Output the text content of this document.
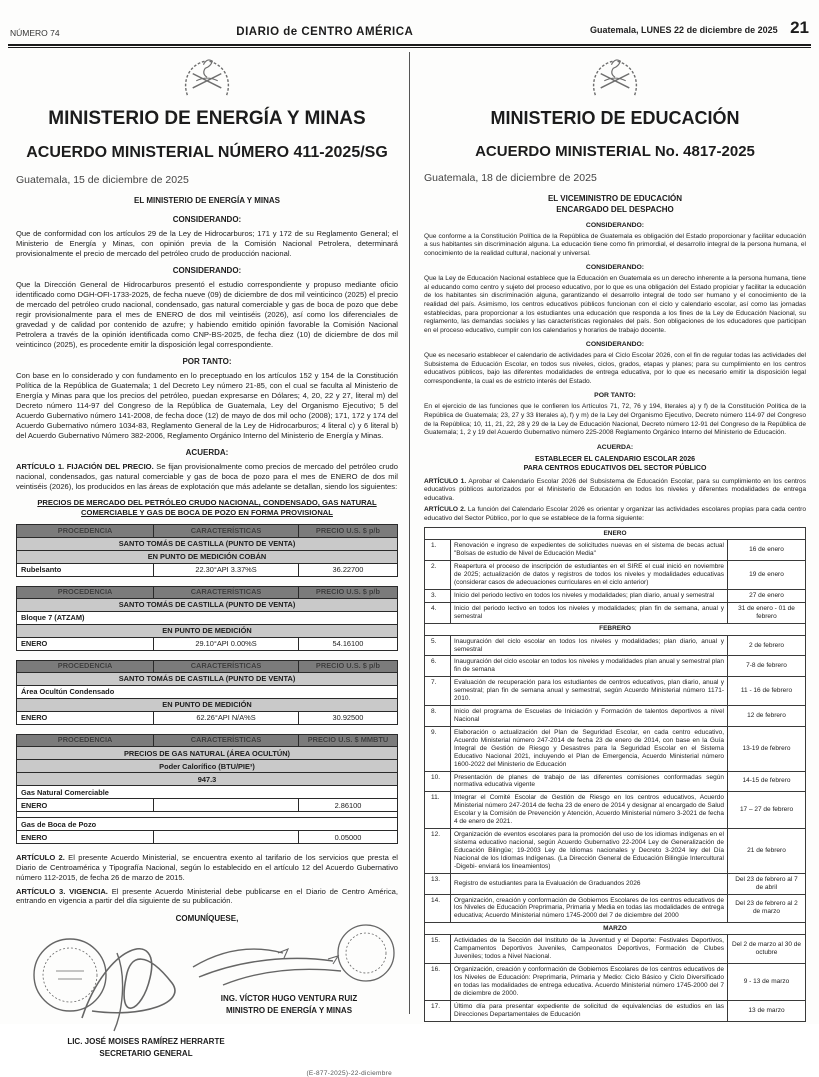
NÚMERO 74	DIARIO de CENTRO AMÉRICA	Guatemala, LUNES 22 de diciembre de 2025 21
MINISTERIO DE ENERGÍA Y MINAS
ACUERDO MINISTERIAL NÚMERO 411-2025/SG
Guatemala, 15 de diciembre de 2025
EL MINISTERIO DE ENERGÍA Y MINAS
CONSIDERANDO:

Que de conformidad con los artículos 29 de la Ley de Hidrocarburos; 171 y 172 de su Reglamento General; el Ministerio de Energía y Minas, con opinión previa de la Comisión Nacional Petrolera, determinará provisionalmente el precio de mercado del petróleo crudo de producción nacional.

CONSIDERANDO:

Que la Dirección General de Hidrocarburos presentó el estudio correspondiente y propuso mediante oficio identificado como DGH-OFI-1733-2025, de fecha nueve (09) de diciembre de dos mil veinticinco (2025) el precio de mercado del petróleo crudo nacional, condensado, gas natural comerciable y gas de boca de pozo que debe regir provisionalmente para el mes de ENERO de dos mil veintiséis (2026), así como los diferenciales de gravedad y de calidad por contenido de azufre; y habiendo emitido opinión favorable la Comisión Nacional Petrolera a través de la opinión identificada como CNP-BS-2025, de fecha diez (10) de diciembre de dos mil veinticinco (2025), es procedente emitir la disposición legal correspondiente.

POR TANTO:

Con base en lo considerado y con fundamento en lo preceptuado en los artículos 152 y 154 de la Constitución Política de la República de Guatemala; 1 del Decreto Ley número 21-85, con el cual se faculta al Ministerio de Energía y Minas para que los precios del petróleo, puedan expresarse en Dólares; 4, 20, 22 y 27, literal m) del Decreto número 114-97 del Congreso de la República de Guatemala, Ley del Organismo Ejecutivo; 5 del Acuerdo Gubernativo número 141-2008, de fecha doce (12) de mayo de dos mil ocho (2008); 171, 172 y 174 del Acuerdo Gubernativo número 1034-83, Reglamento General de la Ley de Hidrocarburos; 4 literal c) y 6 literal b) del Acuerdo Gubernativo Número 382-2006, Reglamento Orgánico Interno del Ministerio de Energía y Minas.

ACUERDA:

ARTÍCULO 1. FIJACIÓN DEL PRECIO. Se fijan provisionalmente como precios de mercado del petróleo crudo nacional, condensados, gas natural comerciable y gas de boca de pozo para el mes de ENERO de dos mil veintiséis (2026), los producidos en las áreas de explotación que más adelante se detallan, siendo los siguientes:

PRECIOS DE MERCADO DEL PETRÓLEO CRUDO NACIONAL, CONDENSADO, GAS NATURAL COMERCIABLE Y GAS DE BOCA DE POZO EN FORMA PROVISIONAL

PROCEDENCIA	CARACTERÍSTICAS	PRECIO U.S. $ p/b
SANTO TOMÁS DE CASTILLA (PUNTO DE VENTA)		
EN PUNTO DE MEDICIÓN COBÁN		
Rubelsanto	22.30°API 3.37%S	36.22700
PROCEDENCIA	CARACTERÍSTICAS	PRECIO U.S. $ p/b
SANTO TOMÁS DE CASTILLA (PUNTO DE VENTA)		
Bloque 7 (ATZAM)		
EN PUNTO DE MEDICIÓN		
ENERO	29.10°API 0.00%S	54.16100
PROCEDENCIA	CARACTERÍSTICAS	PRECIO U.S. $ p/b
SANTO TOMÁS DE CASTILLA (PUNTO DE VENTA)		
Área Ocultún Condensado		
EN PUNTO DE MEDICIÓN		
ENERO	62.26°API N/A%S	30.92500
PROCEDENCIA	CARACTERÍSTICAS	PRECIO U.S. $ MMBTU
PRECIOS DE GAS NATURAL (ÁREA OCULTÚN)		
Poder Calorífico (BTU/PIE³)		
947.3		
Gas Natural Comerciable		
ENERO		2.86100

Gas de Boca de Pozo		
ENERO		0.05000

ARTÍCULO 2. El presente Acuerdo Ministerial, se encuentra exento al tarifario de los servicios que presta el Diario de Centroamérica y Tipografía Nacional, según lo establecido en el artículo 12 del Acuerdo Gubernativo número 112-2015, de fecha 26 de marzo de 2015.

ARTÍCULO 3. VIGENCIA. El presente Acuerdo Ministerial debe publicarse en el Diario de Centro América, entrando en vigencia a partir del día siguiente de su publicación.

COMUNÍQUESE,
ING. VÍCTOR HUGO VENTURA RUIZ
MINISTRO DE ENERGÍA Y MINAS
LIC. JOSÉ MOISES RAMÍREZ HERRARTE
SECRETARIO GENERAL
(E-877-2025)-22-diciembre
MINISTERIO DE EDUCACIÓN
ACUERDO MINISTERIAL No. 4817-2025
Guatemala, 18 de diciembre de 2025
EL VICEMINISTRO DE EDUCACIÓN
ENCARGADO DEL DESPACHO
CONSIDERANDO:

Que conforme a la Constitución Política de la República de Guatemala es obligación del Estado proporcionar y facilitar educación a sus habitantes sin discriminación alguna. La educación tiene como fin primordial, el desarrollo integral de la persona humana, el conocimiento de la realidad cultural, nacional y universal.

CONSIDERANDO:

Que la Ley de Educación Nacional establece que la Educación en Guatemala es un derecho inherente a la persona humana, tiene al educando como centro y sujeto del proceso educativo, por lo que es una obligación del Estado propiciar y facilitar la educación de los habitantes sin discriminación alguna, garantizando el desarrollo integral de todo ser humano y el conocimiento de la realidad del país. Asimismo, los centros educativos públicos funcionan con el ciclo y calendario escolar, así como las jornadas establecidas, para proporcionar a los estudiantes una educación que responda a los fines de la Ley de Educación Nacional, su reglamento, las demandas sociales y las características regionales del país. Son obligaciones de los educadores que participan en el proceso educativo, cumplir con los calendarios y horarios de trabajo docente.

CONSIDERANDO:

Que es necesario establecer el calendario de actividades para el Ciclo Escolar 2026, con el fin de regular todas las actividades del Subsistema de Educación Escolar, en todos sus niveles, ciclos, grados, etapas y planes; para su cumplimiento en los centros educativos públicos, bajo las diferentes modalidades de entrega educativa, por lo que es necesario emitir la disposición legal correspondiente, la cual es de estricto interés del Estado.

POR TANTO:

En el ejercicio de las funciones que le confieren los Artículos 71, 72, 76 y 194, literales a) y f) de la Constitución Política de la República de Guatemala; 23, 27 y 33 literales a), f) y m) de la Ley del Organismo Ejecutivo, Decreto número 114-97 del Congreso de la República; 10, 11, 21, 22, 28 y 29 de la Ley de Educación Nacional, Decreto número 12-91 del Congreso de la República de Guatemala; 1, 2 y 19 del Acuerdo Gubernativo número 225-2008 Reglamento Orgánico Interno del Ministerio de Educación.

ACUERDA:
ESTABLECER EL CALENDARIO ESCOLAR 2026
PARA CENTROS EDUCATIVOS DEL SECTOR PÚBLICO

ARTÍCULO 1. Aprobar el Calendario Escolar 2026 del Subsistema de Educación Escolar, para su cumplimiento en los centros educativos públicos autorizados por el Ministerio de Educación en todos los niveles y diferentes modalidades de entrega educativa.

ARTÍCULO 2. La función del Calendario Escolar 2026 es orientar y organizar las actividades escolares propias para cada centro educativo del Sector Público, por lo que se establece de la forma siguiente:

ENERO		
1.	Renovación e ingreso de expedientes de solicitudes nuevas en el sistema de becas actual "Bolsas de estudio de Nivel de Educación Media"	16 de enero
2.	Reapertura el proceso de inscripción de estudiantes en el SIRE el cual inició en noviembre de 2025; actualización de datos y registros de todos los niveles y modalidades educativas (considerar casos de adecuaciones curriculares en el ciclo anterior)	19 de enero
3.	Inicio del periodo lectivo en todos los niveles y modalidades; plan diario, anual y semestral	27 de enero
4.	Inicio del periodo lectivo en todos los niveles y modalidades; plan fin de semana, anual y semestral	31 de enero - 01 de febrero
FEBRERO		
5.	Inauguración del ciclo escolar en todos los niveles y modalidades; plan diario, anual y semestral	2 de febrero
6.	Inauguración del ciclo escolar en todos los niveles y modalidades plan anual y semestral plan fin de semana	7-8 de febrero
7.	Evaluación de recuperación para los estudiantes de centros educativos, plan diario, anual y semestral; plan fin de semana anual y semestral, según Acuerdo Ministerial número 1171-2010.	11 - 16 de febrero
8.	Inicio del programa de Escuelas de Iniciación y Formación de talentos deportivos a nivel Nacional	12 de febrero
9.	Elaboración o actualización del Plan de Seguridad Escolar, en cada centro educativo, Acuerdo Ministerial número 247-2014 de fecha 23 de enero de 2014, con base en la Guía Integral de Gestión de Riesgo y Desastres para la Seguridad Escolar en el Sistema Educativo Nacional 2021, incluyendo el Plan de Emergencia, Acuerdo Ministerial número 1600-2022 del Ministerio de Educación	13-19 de febrero
10.	Presentación de planes de trabajo de las diferentes comisiones conformadas según normativa educativa vigente	14-15 de febrero
11.	Integrar el Comité Escolar de Gestión de Riesgo en los centros educativos, Acuerdo Ministerial número 247-2014 de fecha 23 de enero de 2014 y designar al encargado de Salud Escolar y la Comisión de Prevención y Atención, Acuerdo Ministerial número 3-2021 de fecha 4 de enero de 2021.	17 – 27 de febrero
12.	Organización de eventos escolares para la promoción del uso de los idiomas indígenas en el sistema educativo nacional, según Acuerdo Gubernativo 22-2004 Ley de Generalización de Educación Bilingüe; 19-2003 Ley de Idiomas nacionales y Decreto 3-2024 ley del Día Nacional de los Idiomas Indígenas. (La Dirección General de Educación Bilingüe Intercultural -Digebi- enviará los lineamientos)	21 de febrero
13.	Registro de estudiantes para la Evaluación de Graduandos 2026	Del 23 de febrero al 7 de abril
14.	Organización, creación y conformación de Gobiernos Escolares de los centros educativos de los Niveles de Educación Preprimaria, Primaria y Media en todas las modalidades de entrega educativa; Acuerdo Ministerial número 1745-2000 del 7 de diciembre del 2000	Del 23 de febrero al 2 de marzo
MARZO		
15.	Actividades de la Sección del Instituto de la Juventud y el Deporte: Festivales Deportivos, Campamentos Deportivos Juveniles, Campeonatos Deportivos, Formación de Clubes Juveniles; todos a Nivel Nacional.	Del 2 de marzo al 30 de octubre
16.	Organización, creación y conformación de Gobiernos Escolares de los centros educativos de los Niveles de Educación: Preprimaria, Primaria y Medio: Ciclo Básico y Ciclo Diversificado en todas las modalidades de entrega educativa. Acuerdo Ministerial número 1745-2000 del 7 de diciembre de 2000.	9 - 13 de marzo
17.	Último día para presentar expediente de solicitud de equivalencias de estudios en las Direcciones Departamentales de Educación	13 de marzo
